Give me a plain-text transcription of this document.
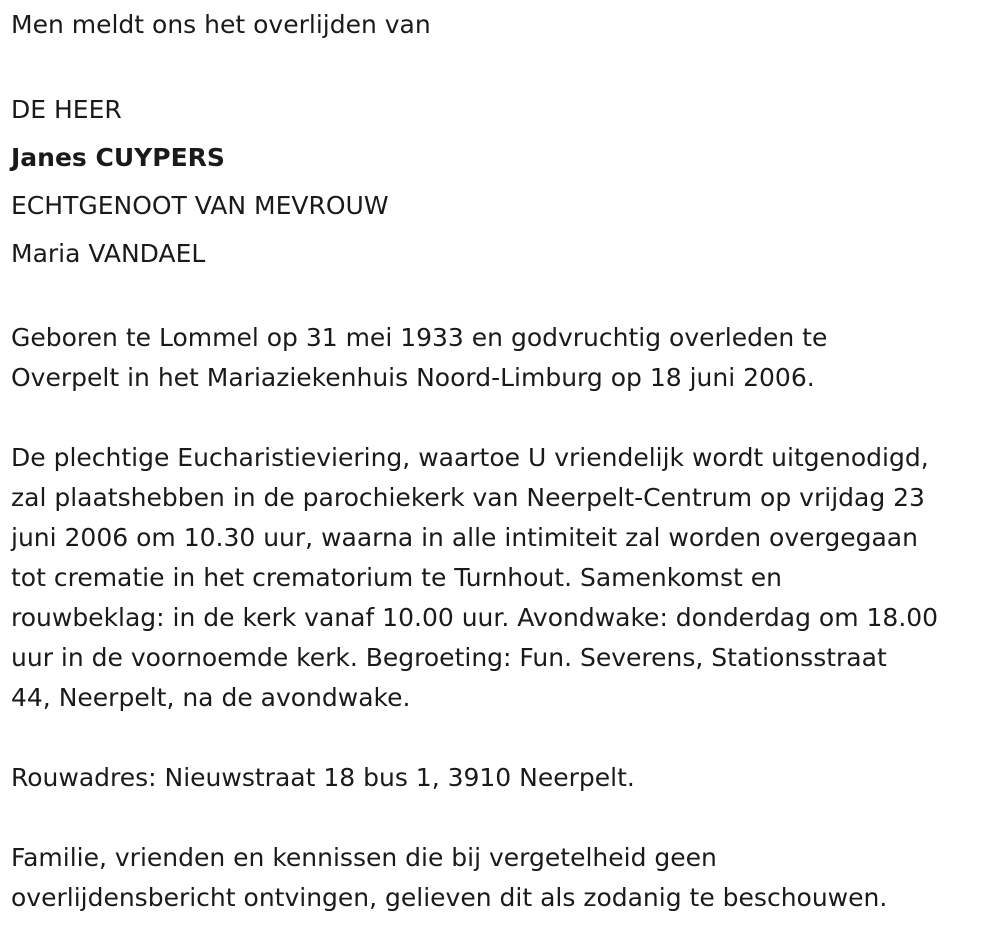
Men meldt ons het overlijden van

DE HEER

Janes CUYPERS

ECHTGENOOT VAN MEVROUW

Maria VANDAEL

Geboren te Lommel op 31 mei 1933 en godvruchtig overleden te

Overpelt in het Mariaziekenhuis Noord-Limburg op 18 juni 2006.

De plechtige Eucharistieviering, waartoe U vriendelijk wordt uitgenodigd,

zal plaatshebben in de parochiekerk van Neerpelt-Centrum op vrijdag 23

juni 2006 om 10.30 uur, waarna in alle intimiteit zal worden overgegaan

tot crematie in het crematorium te Turnhout. Samenkomst en

rouwbeklag: in de kerk vanaf 10.00 uur. Avondwake: donderdag om 18.00

uur in de voornoemde kerk. Begroeting: Fun. Severens, Stationsstraat

44, Neerpelt, na de avondwake.

Rouwadres: Nieuwstraat 18 bus 1, 3910 Neerpelt.

Familie, vrienden en kennissen die bij vergetelheid geen

overlijdensbericht ontvingen, gelieven dit als zodanig te beschouwen.
